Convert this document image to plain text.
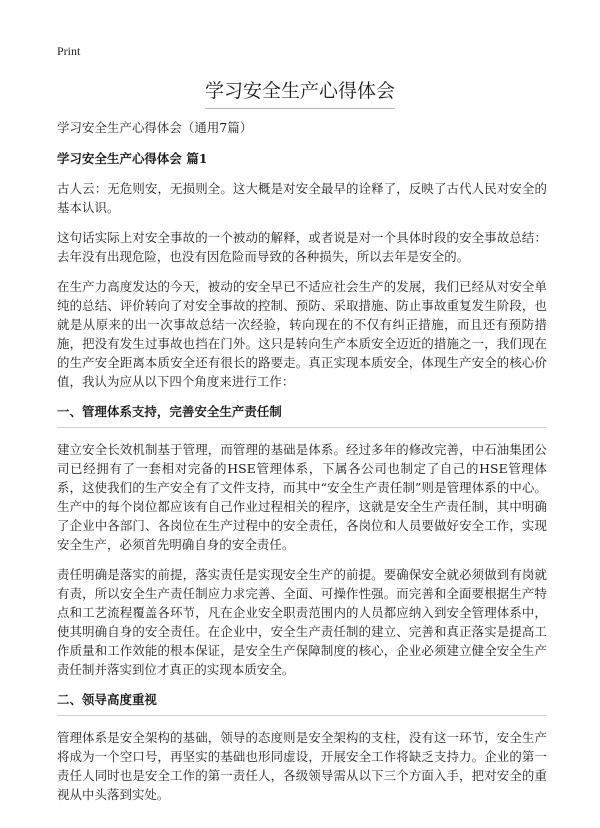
Print
学习安全生产心得体会

学习安全生产心得体会（通用7篇）

学习安全生产心得体会 篇1

古人云：无危则安，无损则全。这大概是对安全最早的诠释了，反映了古代人民对安全的基本认识。

这句话实际上对安全事故的一个被动的解释，或者说是对一个具体时段的安全事故总结：去年没有出现危险，也没有因危险而导致的各种损失，所以去年是安全的。

在生产力高度发达的今天，被动的安全早已不适应社会生产的发展，我们已经从对安全单纯的总结、评价转向了对安全事故的控制、预防、采取措施、防止事故重复发生阶段，也就是从原来的出一次事故总结一次经验，转向现在的不仅有纠正措施，而且还有预防措施，把没有发生过事故也挡在门外。这只是转向生产本质安全迈近的措施之一，我们现在的生产安全距离本质安全还有很长的路要走。真正实现本质安全，体现生产安全的核心价值，我认为应从以下四个角度来进行工作：

一、管理体系支持，完善安全生产责任制

建立安全长效机制基于管理，而管理的基础是体系。经过多年的修改完善，中石油集团公司已经拥有了一套相对完备的HSE管理体系，下属各公司也制定了自己的HSE管理体系，这使我们的生产安全有了文件支持，而其中“安全生产责任制”则是管理体系的中心。生产中的每个岗位都应该有自己作业过程相关的程序，这就是安全生产责任制，其中明确了企业中各部门、各岗位在生产过程中的安全责任，各岗位和人员要做好安全工作，实现安全生产，必须首先明确自身的安全责任。

责任明确是落实的前提，落实责任是实现安全生产的前提。要确保安全就必须做到有岗就有责，所以安全生产责任制应力求完善、全面、可操作性强。而完善和全面要根据生产特点和工艺流程覆盖各环节，凡在企业安全职责范围内的人员都应纳入到安全管理体系中，使其明确自身的安全责任。在企业中，安全生产责任制的建立、完善和真正落实是提高工作质量和工作效能的根本保证，是安全生产保障制度的核心，企业必须建立健全安全生产责任制并落实到位才真正的实现本质安全。

二、领导高度重视

管理体系是安全架构的基础，领导的态度则是安全架构的支柱，没有这一环节，安全生产将成为一个空口号，再坚实的基础也形同虚设，开展安全工作将缺乏支持力。企业的第一责任人同时也是安全工作的第一责任人，各级领导需从以下三个方面入手，把对安全的重视从中头落到实处。
